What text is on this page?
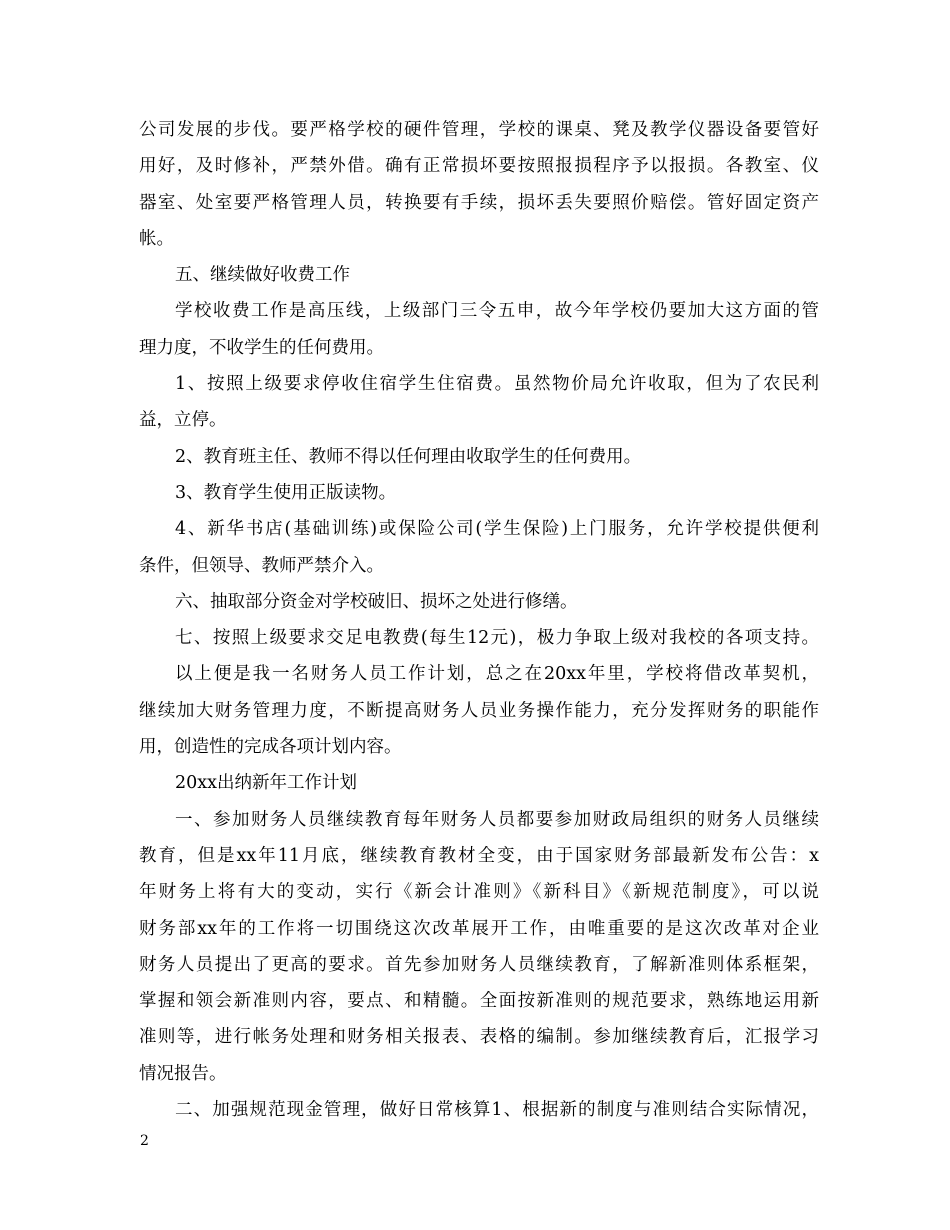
公司发展的步伐。要严格学校的硬件管理，学校的课桌、凳及教学仪器设备要管好
用好，及时修补，严禁外借。确有正常损坏要按照报损程序予以报损。各教室、仪
器室、处室要严格管理人员，转换要有手续，损坏丢失要照价赔偿。管好固定资产
帐。
五、继续做好收费工作
学校收费工作是高压线，上级部门三令五申，故今年学校仍要加大这方面的管
理力度，不收学生的任何费用。
1、按照上级要求停收住宿学生住宿费。虽然物价局允许收取，但为了农民利
益，立停。
2、教育班主任、教师不得以任何理由收取学生的任何费用。
3、教育学生使用正版读物。
4、新华书店(基础训练)或保险公司(学生保险)上门服务，允许学校提供便利
条件，但领导、教师严禁介入。
六、抽取部分资金对学校破旧、损坏之处进行修缮。
七、按照上级要求交足电教费(每生12元)，极力争取上级对我校的各项支持。
以上便是我一名财务人员工作计划，总之在20xx年里，学校将借改革契机，
继续加大财务管理力度，不断提高财务人员业务操作能力，充分发挥财务的职能作
用，创造性的完成各项计划内容。
20xx出纳新年工作计划
一、参加财务人员继续教育每年财务人员都要参加财政局组织的财务人员继续
教育，但是xx年11月底，继续教育教材全变，由于国家财务部最新发布公告：x
年财务上将有大的变动，实行《新会计准则》《新科目》《新规范制度》，可以说
财务部xx年的工作将一切围绕这次改革展开工作，由唯重要的是这次改革对企业
财务人员提出了更高的要求。首先参加财务人员继续教育，了解新准则体系框架，
掌握和领会新准则内容，要点、和精髓。全面按新准则的规范要求，熟练地运用新
准则等，进行帐务处理和财务相关报表、表格的编制。参加继续教育后，汇报学习
情况报告。
二、加强规范现金管理，做好日常核算1、根据新的制度与准则结合实际情况，
2
